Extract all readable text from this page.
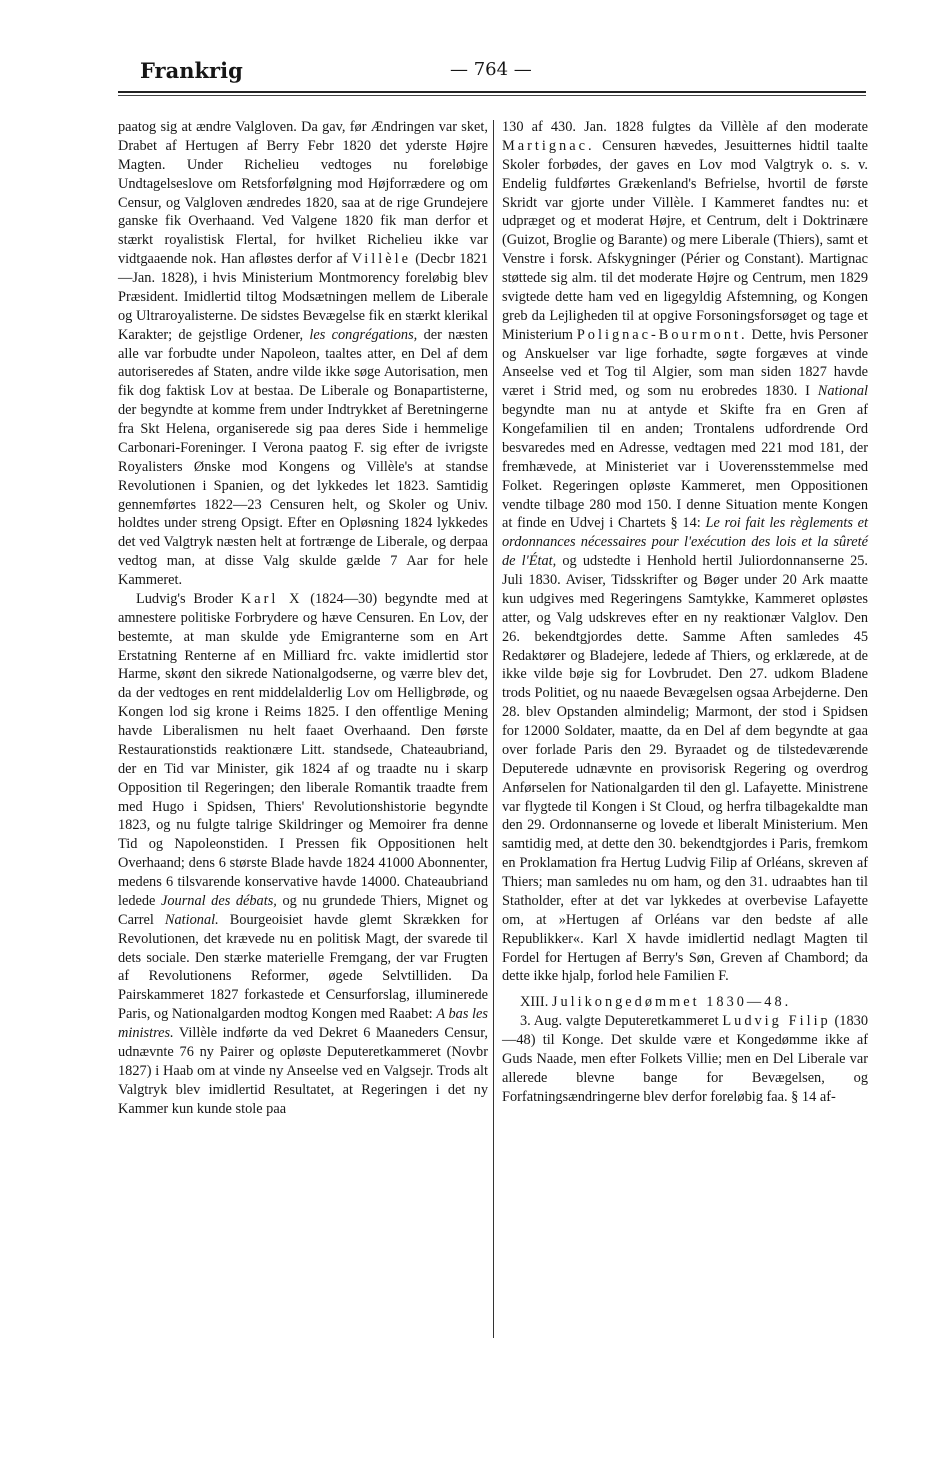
Frankrig	— 764 —

paatog sig at ændre Valgloven. Da gav, før Ændringen var sket, Drabet af Hertugen af Berry Febr 1820 det yderste Højre Magten. Under Richelieu vedtoges nu foreløbige Undtagelseslove om Retsforfølgning mod Højforrædere og om Censur, og Valgloven ændredes 1820, saa at de rige Grundejere ganske fik Overhaand. Ved Valgene 1820 fik man derfor et stærkt royalistisk Flertal, for hvilket Richelieu ikke var vidtgaaende nok. Han afløstes derfor af Villèle (Decbr 1821—Jan. 1828), i hvis Ministerium Montmorency foreløbig blev Præsident. Imidlertid tiltog Modsætningen mellem de Liberale og Ultraroyalisterne. De sidstes Bevægelse fik en stærkt klerikal Karakter; de gejstlige Ordener, les congrégations, der næsten alle var forbudte under Napoleon, taaltes atter, en Del af dem autoriseredes af Staten, andre vilde ikke søge Autorisation, men fik dog faktisk Lov at bestaa. De Liberale og Bonapartisterne, der begyndte at komme frem under Indtrykket af Beretningerne fra Skt Helena, organiserede sig paa deres Side i hemmelige Carbonari-Foreninger. I Verona paatog F. sig efter de ivrigste Royalisters Ønske mod Kongens og Villèle's at standse Revolutionen i Spanien, og det lykkedes let 1823. Samtidig gennemførtes 1822—23 Censuren helt, og Skoler og Univ. holdtes under streng Opsigt. Efter en Opløsning 1824 lykkedes det ved Valgtryk næsten helt at fortrænge de Liberale, og derpaa vedtog man, at disse Valg skulde gælde 7 Aar for hele Kammeret.

Ludvig's Broder Karl X (1824—30) begyndte med at amnestere politiske Forbrydere og hæve Censuren. En Lov, der bestemte, at man skulde yde Emigranterne som en Art Erstatning Renterne af en Milliard frc. vakte imidlertid stor Harme, skønt den sikrede Nationalgodserne, og værre blev det, da der vedtoges en rent middelalderlig Lov om Helligbrøde, og Kongen lod sig krone i Reims 1825. I den offentlige Mening havde Liberalismen nu helt faaet Overhaand. Den første Restaurationstids reaktionære Litt. standsede, Chateaubriand, der en Tid var Minister, gik 1824 af og traadte nu i skarp Opposition til Regeringen; den liberale Romantik traadte frem med Hugo i Spidsen, Thiers' Revolutionshistorie begyndte 1823, og nu fulgte talrige Skildringer og Memoirer fra denne Tid og Napoleonstiden. I Pressen fik Oppositionen helt Overhaand; dens 6 største Blade havde 1824 41000 Abonnenter, medens 6 tilsvarende konservative havde 14000. Chateaubriand ledede Journal des débats, og nu grundede Thiers, Mignet og Carrel National. Bourgeoisiet havde glemt Skrækken for Revolutionen, det krævede nu en politisk Magt, der svarede til dets sociale. Den stærke materielle Fremgang, der var Frugten af Revolutionens Reformer, øgede Selvtilliden. Da Pairskammeret 1827 forkastede et Censurforslag, illuminerede Paris, og Nationalgarden modtog Kongen med Raabet: A bas les ministres. Villèle indførte da ved Dekret 6 Maaneders Censur, udnævnte 76 ny Pairer og opløste Deputeretkammeret (Novbr 1827) i Haab om at vinde ny Anseelse ved en Valgsejr. Trods alt Valgtryk blev imidlertid Resultatet, at Regeringen i det ny Kammer kun kunde stole paa

130 af 430. Jan. 1828 fulgtes da Villèle af den moderate Martignac. Censuren hævedes, Jesuitternes hidtil taalte Skoler forbødes, der gaves en Lov mod Valgtryk o. s. v. Endelig fuldførtes Grækenland's Befrielse, hvortil de første Skridt var gjorte under Villèle. I Kammeret fandtes nu: et udpræget og et moderat Højre, et Centrum, delt i Doktrinære (Guizot, Broglie og Barante) og mere Liberale (Thiers), samt et Venstre i forsk. Afskygninger (Périer og Constant). Martignac støttede sig alm. til det moderate Højre og Centrum, men 1829 svigtede dette ham ved en ligegyldig Afstemning, og Kongen greb da Lejligheden til at opgive Forsoningsforsøget og tage et Ministerium Polignac-Bourmont. Dette, hvis Personer og Anskuelser var lige forhadte, søgte forgæves at vinde Anseelse ved et Tog til Algier, som man siden 1827 havde været i Strid med, og som nu erobredes 1830. I National begyndte man nu at antyde et Skifte fra en Gren af Kongefamilien til en anden; Trontalens udfordrende Ord besvaredes med en Adresse, vedtagen med 221 mod 181, der fremhævede, at Ministeriet var i Uoverensstemmelse med Folket. Regeringen opløste Kammeret, men Oppositionen vendte tilbage 280 mod 150. I denne Situation mente Kongen at finde en Udvej i Chartets § 14: Le roi fait les règlements et ordonnances nécessaires pour l'exécution des lois et la sûreté de l'État, og udstedte i Henhold hertil Juliordonnanserne 25. Juli 1830. Aviser, Tidsskrifter og Bøger under 20 Ark maatte kun udgives med Regeringens Samtykke, Kammeret opløstes atter, og Valg udskreves efter en ny reaktionær Valglov. Den 26. bekendtgjordes dette. Samme Aften samledes 45 Redaktører og Bladejere, ledede af Thiers, og erklærede, at de ikke vilde bøje sig for Lovbrudet. Den 27. udkom Bladene trods Politiet, og nu naaede Bevægelsen ogsaa Arbejderne. Den 28. blev Opstanden almindelig; Marmont, der stod i Spidsen for 12000 Soldater, maatte, da en Del af dem begyndte at gaa over forlade Paris den 29. Byraadet og de tilstedeværende Deputerede udnævnte en provisorisk Regering og overdrog Anførselen for Nationalgarden til den gl. Lafayette. Ministrene var flygtede til Kongen i St Cloud, og herfra tilbagekaldte man den 29. Ordonnanserne og lovede et liberalt Ministerium. Men samtidig med, at dette den 30. bekendtgjordes i Paris, fremkom en Proklamation fra Hertug Ludvig Filip af Orléans, skreven af Thiers; man samledes nu om ham, og den 31. udraabtes han til Statholder, efter at det var lykkedes at overbevise Lafayette om, at »Hertugen af Orléans var den bedste af alle Republikker«. Karl X havde imidlertid nedlagt Magten til Fordel for Hertugen af Berry's Søn, Greven af Chambord; da dette ikke hjalp, forlod hele Familien F.

XIII. Julikongedømmet 1830—48.

3. Aug. valgte Deputeretkammeret Ludvig Filip (1830—48) til Konge. Det skulde være et Kongedømme ikke af Guds Naade, men efter Folkets Villie; men en Del Liberale var allerede blevne bange for Bevægelsen, og Forfatningsændringerne blev derfor foreløbig faa. § 14 af-
